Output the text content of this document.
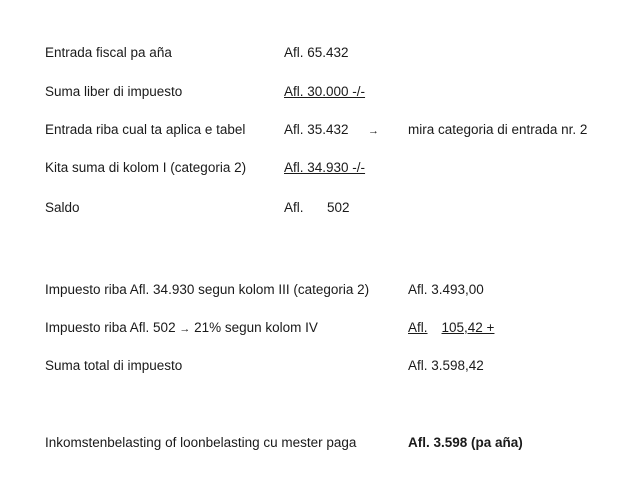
Entrada fiscal pa aña	Afl. 65.432
Suma liber di impuesto	Afl. 30.000 -/-
Entrada riba cual ta aplica e tabel	Afl. 35.432 → mira categoria di entrada nr. 2
Kita suma di kolom I (categoria 2)	Afl. 34.930 -/-
Saldo	Afl. 502
Impuesto riba Afl. 34.930 segun kolom III (categoria 2)	Afl. 3.493,00
Impuesto riba Afl. 502 → 21% segun kolom IV	Afl. 105,42 +
Suma total di impuesto	Afl. 3.598,42
Inkomstenbelasting of loonbelasting cu mester paga	Afl. 3.598 (pa aña)
